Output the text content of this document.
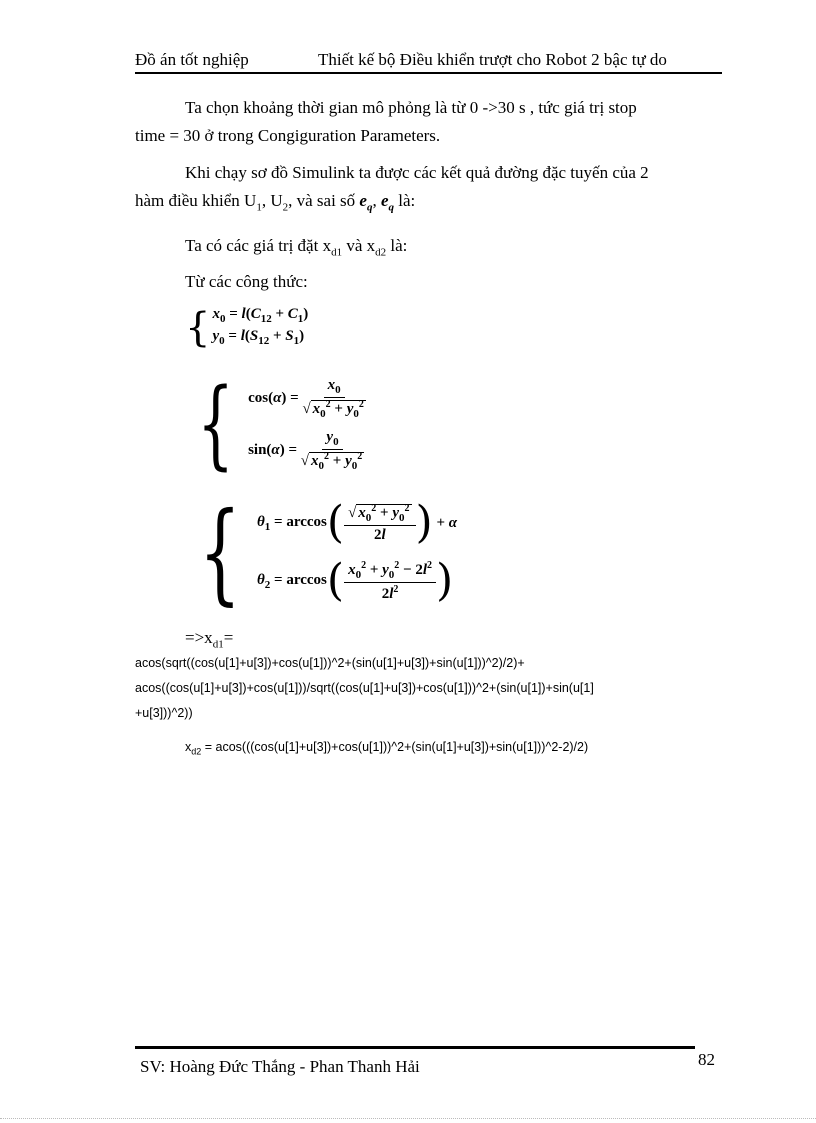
Đồ án tốt nghiệp	Thiết kế bộ Điều khiển trượt cho Robot 2 bậc tự do
Ta chọn khoảng thời gian mô phỏng là từ 0 ->30 s , tức giá trị stop
time = 30 ở trong Congiguration Parameters.
Khi chạy sơ đồ Simulink ta được các kết quả đường đặc tuyến của 2
hàm điều khiển $U_1$, $U_2$, và sai số $e_q$, $e_q$ là:
Ta có các giá trị đặt $x_{d1}$ và $x_{d2}$ là:
Từ các công thức:
{ $x_0 = l(C_{12} + C_1)$
$y_0 = l(S_{12} + S_1)$
{ $\cos(\alpha) = \frac{x_0}{√ x_0^2 + y_0^2}$
$\sin(\alpha) = \frac{y_0}{√ x_0^2 + y_0^2}$
{ $\theta_1 = \arccos$ ( $\frac{√ x_0^2 + y_0^2}{2l}$ ) + α
$\theta_2 = \arccos$ ( $\frac{x_0^2 + y_0^2 - 2l^2}{2l^2}$ )
$=>x_{d1}=$
acos(sqrt((cos(u[1]+u[3])+cos(u[1]))^2+(sin(u[1]+u[3])+sin(u[1]))^2)/2)+
acos((cos(u[1]+u[3])+cos(u[1]))/sqrt((cos(u[1]+u[3])+cos(u[1]))^2+(sin(u[1])+sin(u[1]
+u[3]))^2))
$x_{d2}$ = acos(((cos(u[1]+u[3])+cos(u[1]))^2+(sin(u[1]+u[3])+sin(u[1]))^2-2)/2)
SV: Hoàng Đức Thắng - Phan Thanh Hải	82
